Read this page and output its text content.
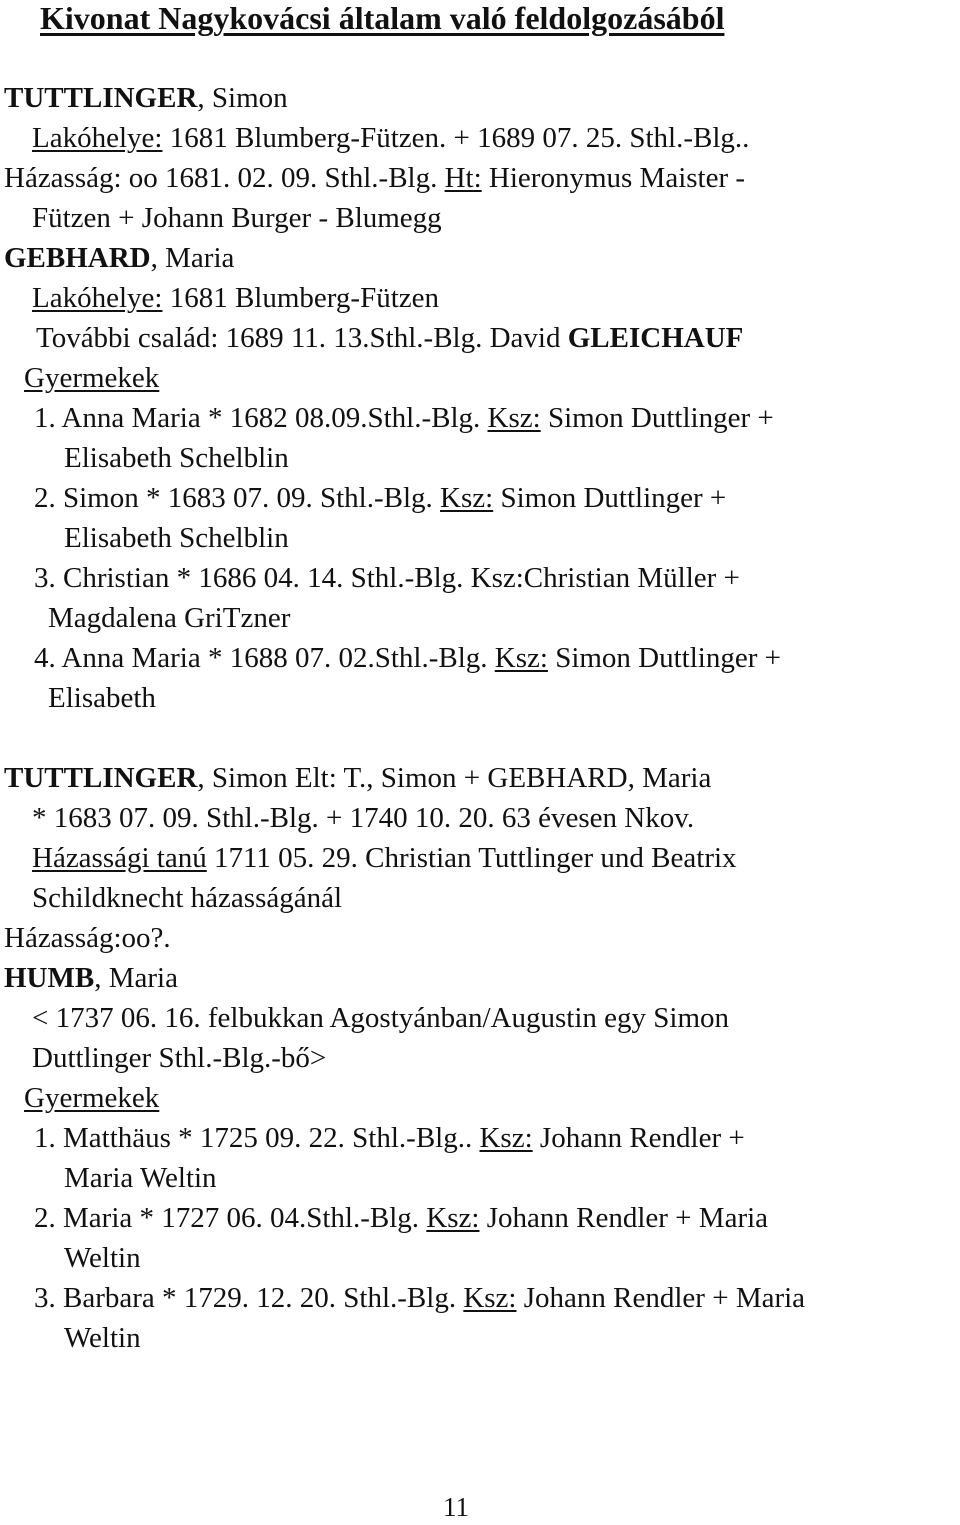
Kivonat Nagykovácsi általam való feldolgozásából
TUTTLINGER, Simon
Lakóhelye: 1681 Blumberg-Fützen. + 1689 07. 25. Sthl.-Blg..
Házasság: oo 1681. 02. 09. Sthl.-Blg. Ht: Hieronymus Maister -
Fützen + Johann Burger - Blumegg
GEBHARD, Maria
Lakóhelye: 1681 Blumberg-Fützen
További család: 1689 11. 13.Sthl.-Blg. David GLEICHAUF
Gyermekek
1. Anna Maria * 1682 08.09.Sthl.-Blg. Ksz: Simon Duttlinger +
Elisabeth Schelblin
2. Simon * 1683 07. 09. Sthl.-Blg. Ksz: Simon Duttlinger +
Elisabeth Schelblin
3. Christian * 1686 04. 14. Sthl.-Blg. Ksz:Christian Müller +
Magdalena GriTzner
4. Anna Maria * 1688 07. 02.Sthl.-Blg. Ksz: Simon Duttlinger +
Elisabeth
TUTTLINGER, Simon Elt: T., Simon + GEBHARD, Maria
* 1683 07. 09. Sthl.-Blg. + 1740 10. 20. 63 évesen Nkov.
Házassági tanú 1711 05. 29. Christian Tuttlinger und Beatrix
Schildknecht házasságánál
Házasság:oo?.
HUMB, Maria
< 1737 06. 16. felbukkan Agostyánban/Augustin egy Simon
Duttlinger Sthl.-Blg.-bő>
Gyermekek
1. Matthäus * 1725 09. 22. Sthl.-Blg.. Ksz: Johann Rendler +
Maria Weltin
2. Maria * 1727 06. 04.Sthl.-Blg. Ksz: Johann Rendler + Maria
Weltin
3. Barbara * 1729. 12. 20. Sthl.-Blg. Ksz: Johann Rendler + Maria
Weltin
11
